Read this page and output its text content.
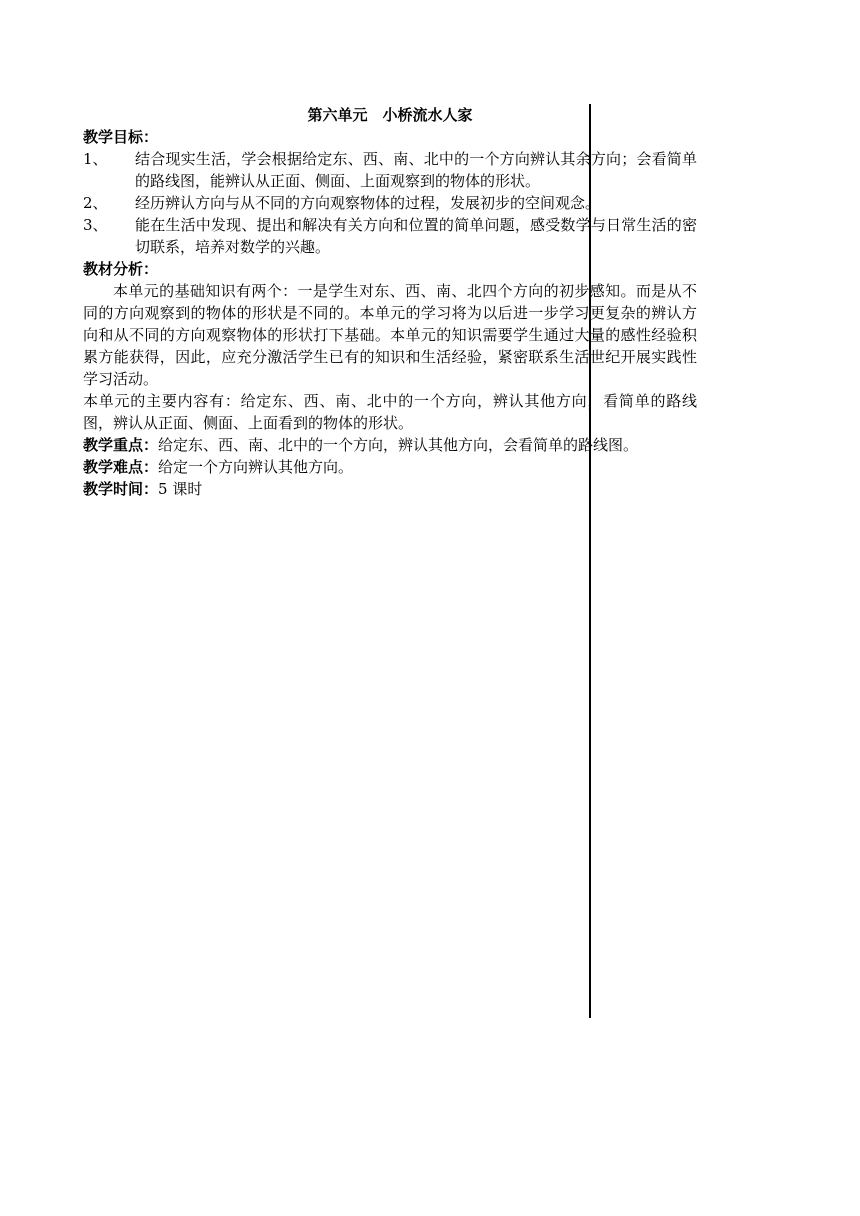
第六单元　小桥流水人家
教学目标：
1、	结合现实生活，学会根据给定东、西、南、北中的一个方向辨认其余方向；会看简单的路线图，能辨认从正面、侧面、上面观察到的物体的形状。
2、	经历辨认方向与从不同的方向观察物体的过程，发展初步的空间观念。
3、	能在生活中发现、提出和解决有关方向和位置的简单问题，感受数学与日常生活的密切联系，培养对数学的兴趣。
教材分析：
本单元的基础知识有两个：一是学生对东、西、南、北四个方向的初步感知。而是从不同的方向观察到的物体的形状是不同的。本单元的学习将为以后进一步学习更复杂的辨认方向和从不同的方向观察物体的形状打下基础。本单元的知识需要学生通过大量的感性经验积累方能获得，因此，应充分激活学生已有的知识和生活经验，紧密联系生活世纪开展实践性学习活动。
本单元的主要内容有：给定东、西、南、北中的一个方向，辨认其他方向，看简单的路线图，辨认从正面、侧面、上面看到的物体的形状。
教学重点：给定东、西、南、北中的一个方向，辨认其他方向，会看简单的路线图。
教学难点：给定一个方向辨认其他方向。
教学时间：5 课时
